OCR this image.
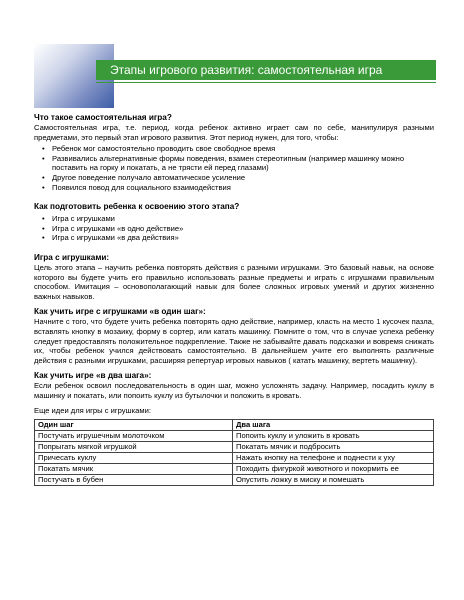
Этапы игрового развития: самостоятельная игра
Что такое самостоятельная игра?

Самостоятельная игра, т.е. период, когда ребенок активно играет сам по себе, манипулируя разными предметами, это первый этап игрового развития. Этот период нужен, для того, чтобы:

• Ребенок мог самостоятельно проводить свое свободное время
• Развивались альтернативные формы поведения, взамен стереотипным (например машинку можно поставить на горку и покатать, а не трясти ей перед глазами)
• Другое поведение получало автоматическое усиление
• Появился повод для социального взаимодействия
Как подготовить ребенка к освоению этого этапа?
• Игра с игрушками
• Игра с игрушками «в одно действие»
• Игра с игрушками «в два действия»
Игра с игрушками:

Цель этого этапа – научить ребенка повторять действия с разными игрушками. Это базовый навык, на основе которого вы будете учить его правильно использовать разные предметы и играть с игрушками правильным способом. Имитация – основополагающий навык для более сложных игровых умений и других жизненно важных навыков.

Как учить игре с игрушками «в один шаг»:

Начните с того, что будете учить ребенка повторять одно действие, например, класть на место 1 кусочек пазла, вставлять кнопку в мозаику, форму в сортер, или катать машинку. Помните о том, что в случае успеха ребенку следует предоставлять положительное подкрепление. Также не забывайте давать подсказки и вовремя снижать их, чтобы ребенок учился действовать самостоятельно. В дальнейшем учите его выполнять различные действия с разными игрушками, расширяя репертуар игровых навыков ( катать машинку, вертеть машинку).

Как учить игре «в два шага»:

Если ребенок освоил последовательность в один шаг, можно усложнять задачу. Например, посадить куклу в машинку и покатать, или попоить куклу из бутылочки и положить в кровать.

Еще идеи для игры с игрушками:

Один шаг	Два шага
Постучать игрушечным молоточком	Попоить куклу и уложить в кровать
Попрыгать мягкой игрушкой	Покатать мячик и подбросить
Причесать куклу	Нажать кнопку на телефоне и поднести к уху
Покатать мячик	Походить фигуркой животного и покормить ее
Постучать в бубен	Опустить ложку в миску и помешать
